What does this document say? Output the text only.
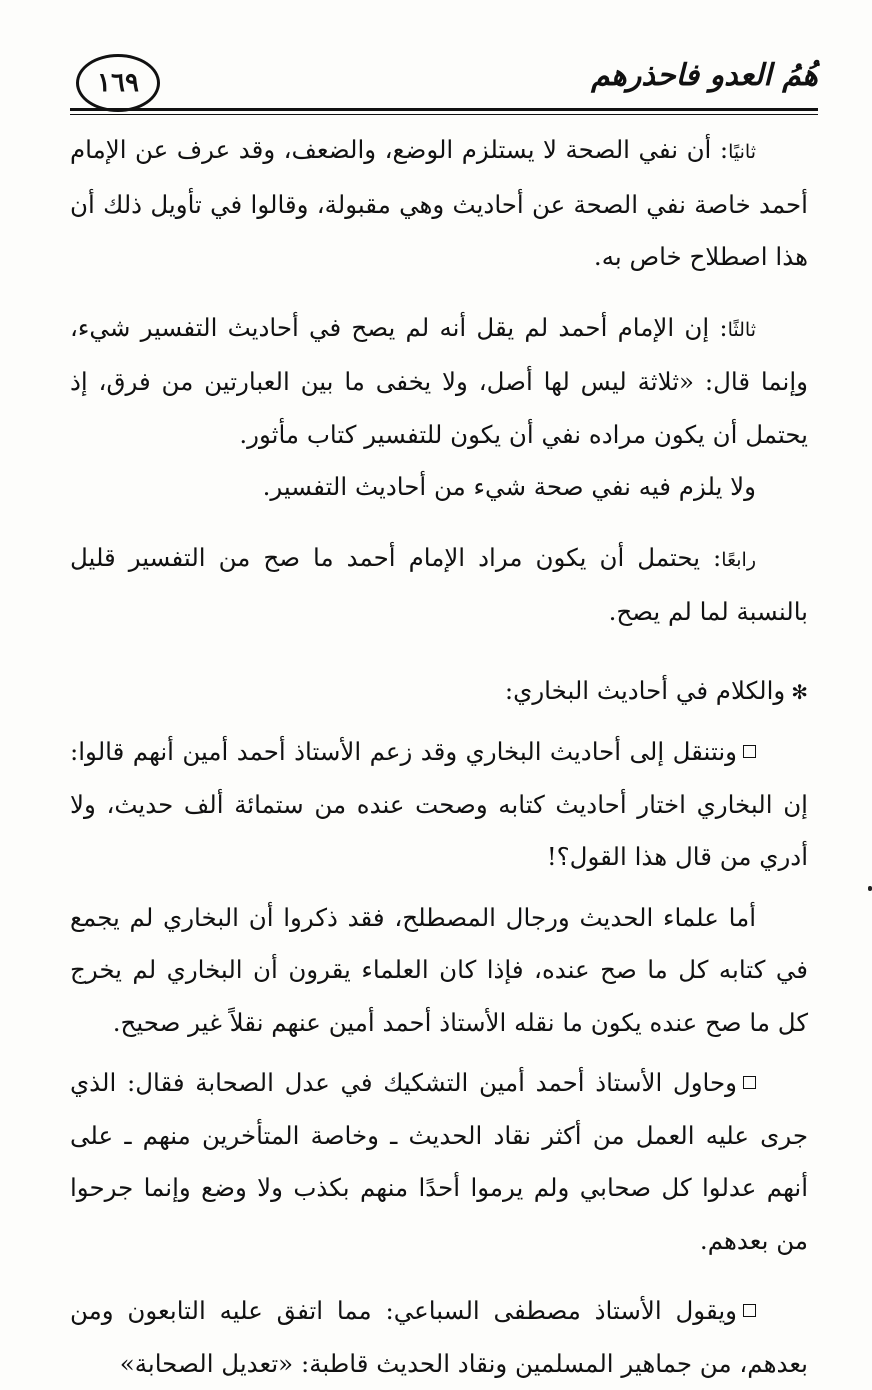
هُمُ العدو فاحذرهم
١٦٩

ثانيًا: أن نفي الصحة لا يستلزم الوضع، والضعف، وقد عرف عن الإمام أحمد خاصة نفي الصحة عن أحاديث وهي مقبولة، وقالوا في تأويل ذلك أن هذا اصطلاح خاص به.

ثالثًا: إن الإمام أحمد لم يقل أنه لم يصح في أحاديث التفسير شيء، وإنما قال: «ثلاثة ليس لها أصل، ولا يخفى ما بين العبارتين من فرق، إذ يحتمل أن يكون مراده نفي أن يكون للتفسير كتاب مأثور.

ولا يلزم فيه نفي صحة شيء من أحاديث التفسير.

رابعًا: يحتمل أن يكون مراد الإمام أحمد ما صح من التفسير قليل بالنسبة لما لم يصح.

✻والكلام في أحاديث البخاري:

ونتنقل إلى أحاديث البخاري وقد زعم الأستاذ أحمد أمين أنهم قالوا: إن البخاري اختار أحاديث كتابه وصحت عنده من ستمائة ألف حديث، ولا أدري من قال هذا القول؟!

أما علماء الحديث ورجال المصطلح، فقد ذكروا أن البخاري لم يجمع في كتابه كل ما صح عنده، فإذا كان العلماء يقرون أن البخاري لم يخرج كل ما صح عنده يكون ما نقله الأستاذ أحمد أمين عنهم نقلاً غير صحيح.

وحاول الأستاذ أحمد أمين التشكيك في عدل الصحابة فقال: الذي جرى عليه العمل من أكثر نقاد الحديث ـ وخاصة المتأخرين منهم ـ على أنهم عدلوا كل صحابي ولم يرموا أحدًا منهم بكذب ولا وضع وإنما جرحوا من بعدهم.

ويقول الأستاذ مصطفى السباعي: مما اتفق عليه التابعون ومن بعدهم، من جماهير المسلمين ونقاد الحديث قاطبة: «تعديل الصحابة»
